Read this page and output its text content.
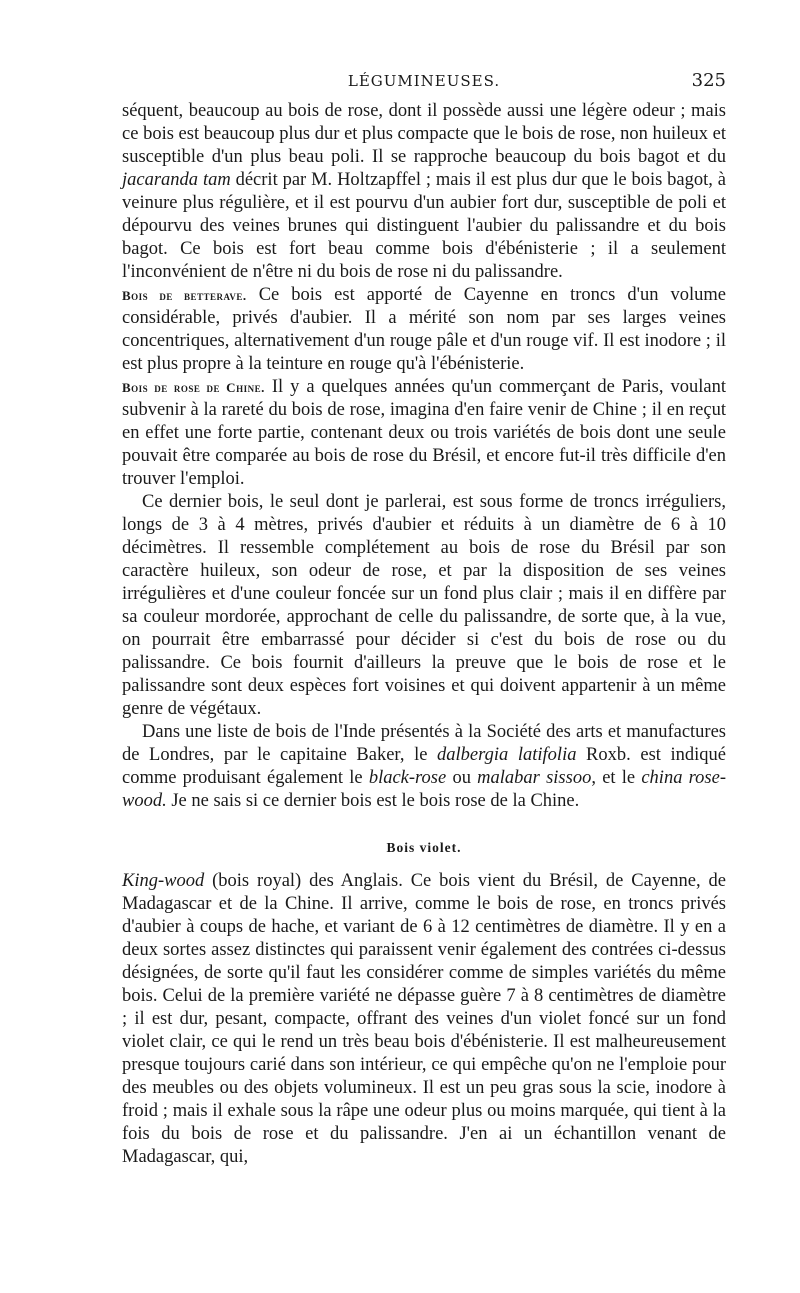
LÉGUMINEUSES.	325

séquent, beaucoup au bois de rose, dont il possède aussi une légère odeur ; mais ce bois est beaucoup plus dur et plus compacte que le bois de rose, non huileux et susceptible d'un plus beau poli. Il se rapproche beaucoup du bois bagot et du jacaranda tam décrit par M. Holtzapffel ; mais il est plus dur que le bois bagot, à veinure plus régulière, et il est pourvu d'un aubier fort dur, susceptible de poli et dépourvu des veines brunes qui distinguent l'aubier du palissandre et du bois bagot. Ce bois est fort beau comme bois d'ébénisterie ; il a seulement l'inconvénient de n'être ni du bois de rose ni du palissandre.

Bois de betterave. Ce bois est apporté de Cayenne en troncs d'un volume considérable, privés d'aubier. Il a mérité son nom par ses larges veines concentriques, alternativement d'un rouge pâle et d'un rouge vif. Il est inodore ; il est plus propre à la teinture en rouge qu'à l'ébénisterie.

Bois de rose de Chine. Il y a quelques années qu'un commerçant de Paris, voulant subvenir à la rareté du bois de rose, imagina d'en faire venir de Chine ; il en reçut en effet une forte partie, contenant deux ou trois variétés de bois dont une seule pouvait être comparée au bois de rose du Brésil, et encore fut-il très difficile d'en trouver l'emploi.

Ce dernier bois, le seul dont je parlerai, est sous forme de troncs irréguliers, longs de 3 à 4 mètres, privés d'aubier et réduits à un diamètre de 6 à 10 décimètres. Il ressemble complétement au bois de rose du Brésil par son caractère huileux, son odeur de rose, et par la disposition de ses veines irrégulières et d'une couleur foncée sur un fond plus clair ; mais il en diffère par sa couleur mordorée, approchant de celle du palissandre, de sorte que, à la vue, on pourrait être embarrassé pour décider si c'est du bois de rose ou du palissandre. Ce bois fournit d'ailleurs la preuve que le bois de rose et le palissandre sont deux espèces fort voisines et qui doivent appartenir à un même genre de végétaux.

Dans une liste de bois de l'Inde présentés à la Société des arts et manufactures de Londres, par le capitaine Baker, le dalbergia latifolia Roxb. est indiqué comme produisant également le black-rose ou malabar sissoo, et le china rose-wood. Je ne sais si ce dernier bois est le bois rose de la Chine.

Bois violet.

King-wood (bois royal) des Anglais. Ce bois vient du Brésil, de Cayenne, de Madagascar et de la Chine. Il arrive, comme le bois de rose, en troncs privés d'aubier à coups de hache, et variant de 6 à 12 centimètres de diamètre. Il y en a deux sortes assez distinctes qui paraissent venir également des contrées ci-dessus désignées, de sorte qu'il faut les considérer comme de simples variétés du même bois. Celui de la première variété ne dépasse guère 7 à 8 centimètres de diamètre ; il est dur, pesant, compacte, offrant des veines d'un violet foncé sur un fond violet clair, ce qui le rend un très beau bois d'ébénisterie. Il est malheureusement presque toujours carié dans son intérieur, ce qui empêche qu'on ne l'emploie pour des meubles ou des objets volumineux. Il est un peu gras sous la scie, inodore à froid ; mais il exhale sous la râpe une odeur plus ou moins marquée, qui tient à la fois du bois de rose et du palissandre. J'en ai un échantillon venant de Madagascar, qui,
